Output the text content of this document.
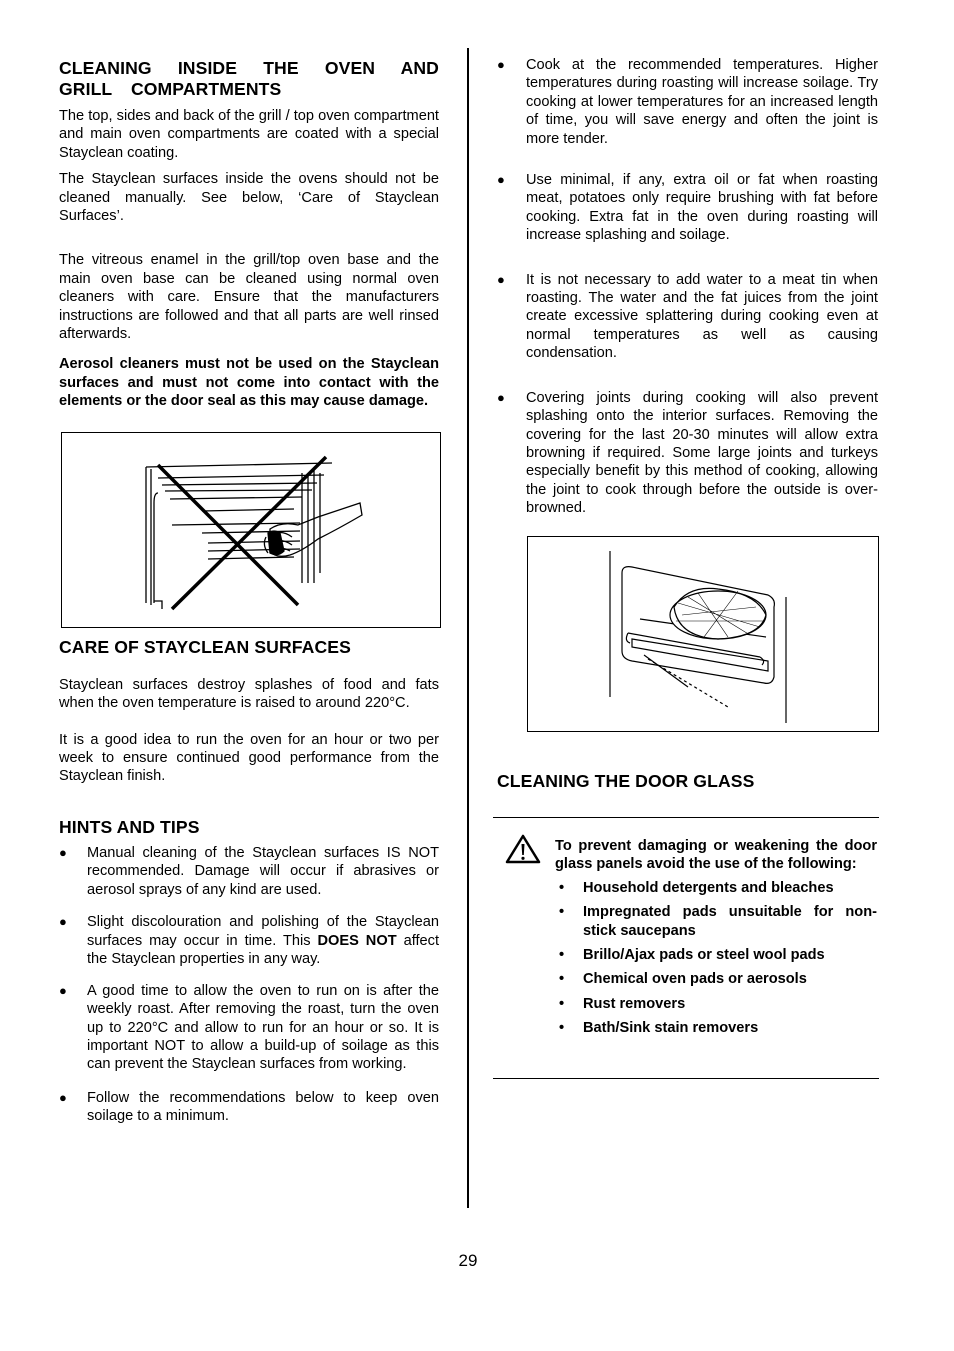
CLEANING INSIDE THE OVEN AND GRILL COMPARTMENTS

The top, sides and back of the grill / top oven compartment and main oven compartments are coated with a special Stayclean coating.

The Stayclean surfaces inside the ovens should not be cleaned manually. See below, ‘Care of Stayclean Surfaces’.

The vitreous enamel in the grill/top oven base and the main oven base can be cleaned using normal oven cleaners with care. Ensure that the manufacturers instructions are followed and that all parts are well rinsed afterwards.

Aerosol cleaners must not be used on the Stayclean surfaces and must not come into contact with the elements or the door seal as this may cause damage.

CARE OF STAYCLEAN SURFACES

Stayclean surfaces destroy splashes of food and fats when the oven temperature is raised to around 220°C.

It is a good idea to run the oven for an hour or two per week to ensure continued good performance from the Stayclean finish.

HINTS AND TIPS
● Manual cleaning of the Stayclean surfaces IS NOT recommended. Damage will occur if abrasives or aerosol sprays of any kind are used.
● Slight discolouration and polishing of the Stayclean surfaces may occur in time. This DOES NOT affect the Stayclean properties in any way.
● A good time to allow the oven to run on is after the weekly roast. After removing the roast, turn the oven up to 220°C and allow to run for an hour or so. It is important NOT to allow a build-up of soilage as this can prevent the Stayclean surfaces from working.
● Follow the recommendations below to keep oven soilage to a minimum.
● Cook at the recommended temperatures. Higher temperatures during roasting will increase soilage. Try cooking at lower temperatures for an increased length of time, you will save energy and often the joint is more tender.
● Use minimal, if any, extra oil or fat when roasting meat, potatoes only require brushing with fat before cooking. Extra fat in the oven during roasting will increase splashing and soilage.
● It is not necessary to add water to a meat tin when roasting. The water and the fat juices from the joint create excessive splattering during cooking even at normal temperatures as well as causing condensation.
● Covering joints during cooking will also prevent splashing onto the interior surfaces. Removing the covering for the last 20-30 minutes will allow extra browning if required. Some large joints and turkeys especially benefit by this method of cooking, allowing the joint to cook through before the outside is over-browned.
CLEANING THE DOOR GLASS

To prevent damaging or weakening the door glass panels avoid the use of the following:

• Household detergents and bleaches
• Impregnated pads unsuitable for non-stick saucepans
• Brillo/Ajax pads or steel wool pads
• Chemical oven pads or aerosols
• Rust removers
• Bath/Sink stain removers
29
